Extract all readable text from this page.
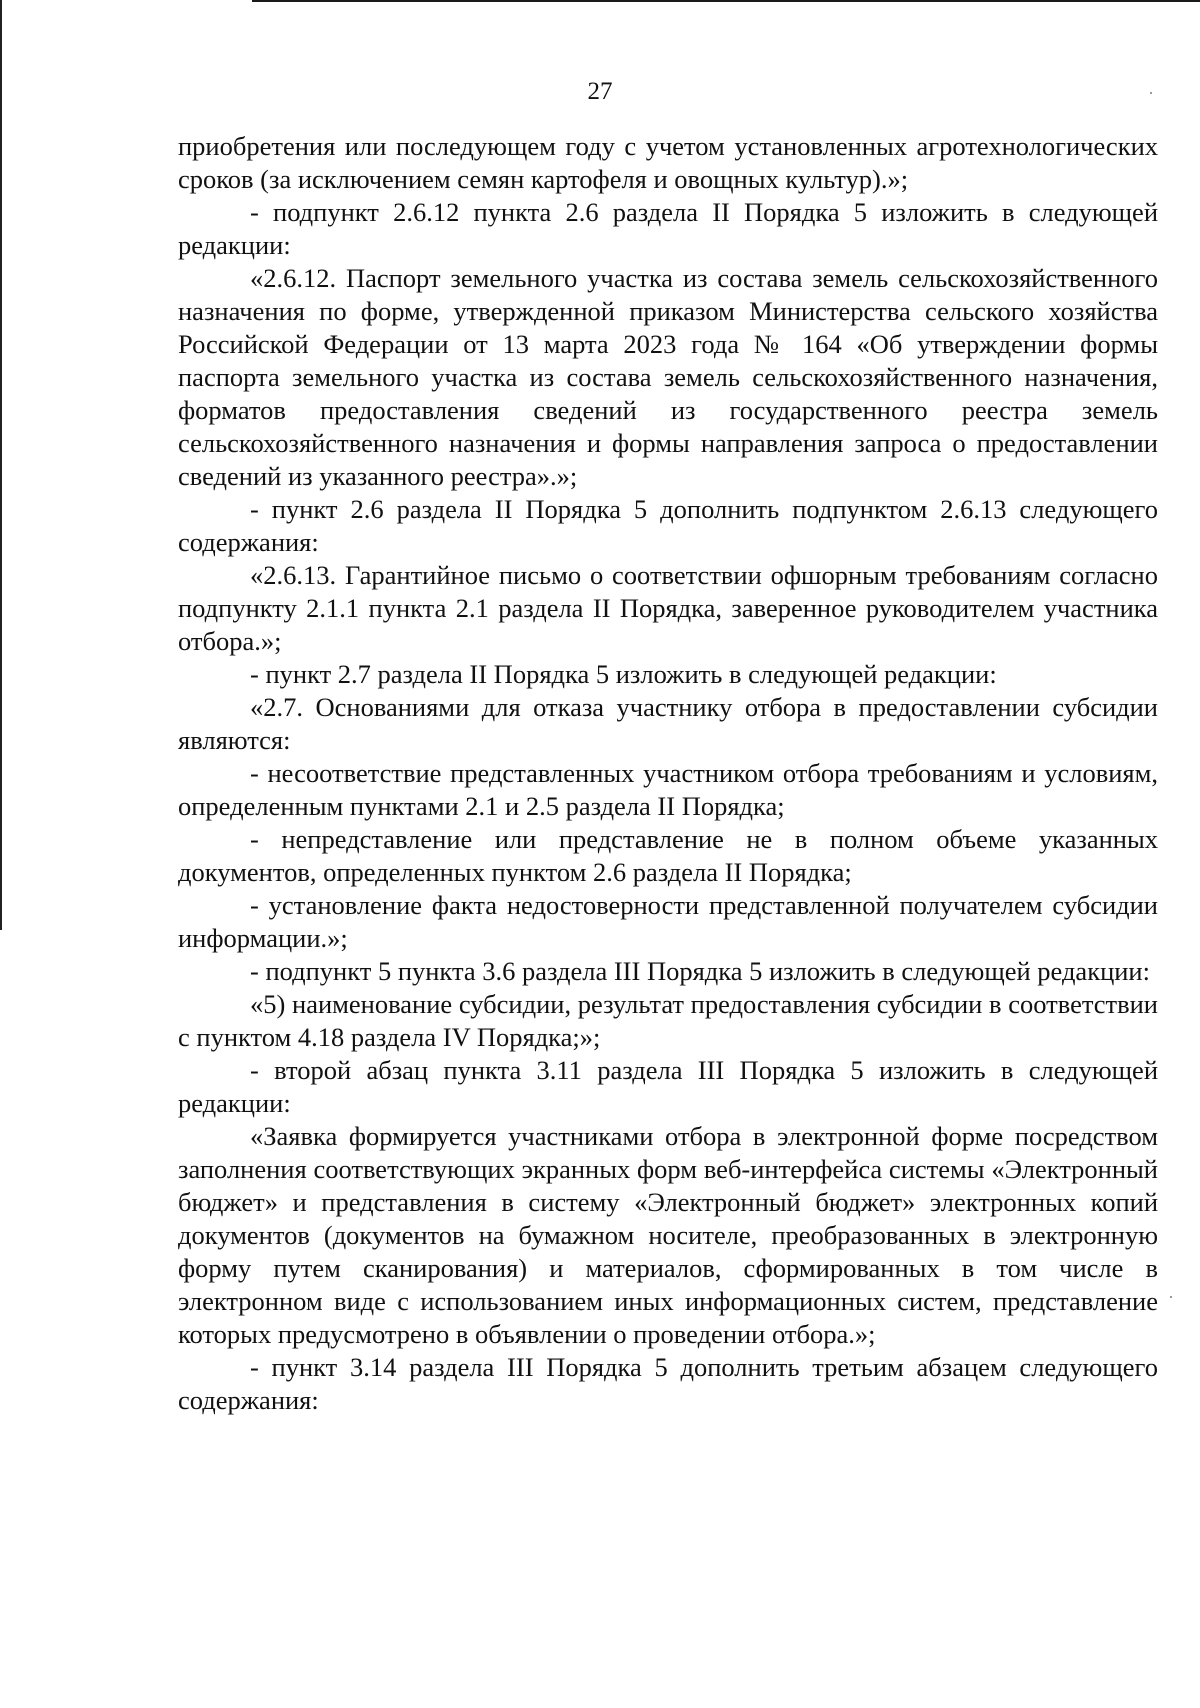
27

приобретения или последующем году с учетом установленных агротехнологических сроков (за исключением семян картофеля и овощных культур).»;

- подпункт 2.6.12 пункта 2.6 раздела II Порядка 5 изложить в следующей редакции:

«2.6.12. Паспорт земельного участка из состава земель сельскохозяйственного назначения по форме, утвержденной приказом Министерства сельского хозяйства Российской Федерации от 13 марта 2023 года № 164 «Об утверждении формы паспорта земельного участка из состава земель сельскохозяйственного назначения, форматов предоставления сведений из государственного реестра земель сельскохозяйственного назначения и формы направления запроса о предоставлении сведений из указанного реестра».»;

- пункт 2.6 раздела II Порядка 5 дополнить подпунктом 2.6.13 следующего содержания:

«2.6.13. Гарантийное письмо о соответствии офшорным требованиям согласно подпункту 2.1.1 пункта 2.1 раздела II Порядка, заверенное руководителем участника отбора.»;

- пункт 2.7 раздела II Порядка 5 изложить в следующей редакции:

«2.7. Основаниями для отказа участнику отбора в предоставлении субсидии являются:

- несоответствие представленных участником отбора требованиям и условиям, определенным пунктами 2.1 и 2.5 раздела II Порядка;

- непредставление или представление не в полном объеме указанных документов, определенных пунктом 2.6 раздела II Порядка;

- установление факта недостоверности представленной получателем субсидии информации.»;

- подпункт 5 пункта 3.6 раздела III Порядка 5 изложить в следующей редакции:

«5) наименование субсидии, результат предоставления субсидии в соответствии с пунктом 4.18 раздела IV Порядка;»;

- второй абзац пункта 3.11 раздела III Порядка 5 изложить в следующей редакции:

«Заявка формируется участниками отбора в электронной форме посредством заполнения соответствующих экранных форм веб-интерфейса системы «Электронный бюджет» и представления в систему «Электронный бюджет» электронных копий документов (документов на бумажном носителе, преобразованных в электронную форму путем сканирования) и материалов, сформированных в том числе в электронном виде с использованием иных информационных систем, представление которых предусмотрено в объявлении о проведении отбора.»;

- пункт 3.14 раздела III Порядка 5 дополнить третьим абзацем следующего содержания:
